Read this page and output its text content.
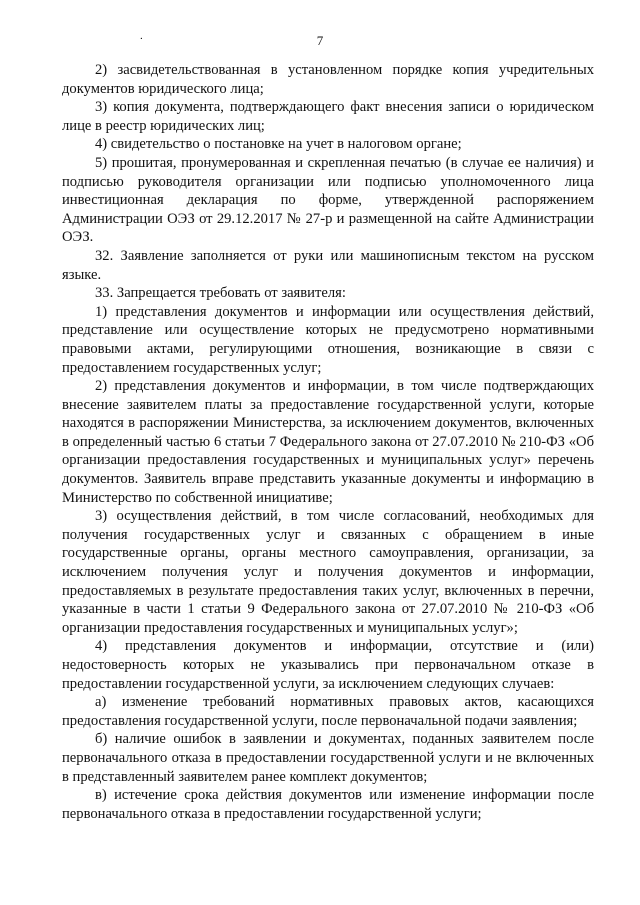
.	7

2) засвидетельствованная в установленном порядке копия учредительных документов юридического лица;

3) копия документа, подтверждающего факт внесения записи о юридическом лице в реестр юридических лиц;

4) свидетельство о постановке на учет в налоговом органе;

5) прошитая, пронумерованная и скрепленная печатью (в случае ее наличия) и подписью руководителя организации или подписью уполномоченного лица инвестиционная декларация по форме, утвержденной распоряжением Администрации ОЭЗ от 29.12.2017 № 27-р и размещенной на сайте Администрации ОЭЗ.

32. Заявление заполняется от руки или машинописным текстом на русском языке.

33. Запрещается требовать от заявителя:

1) представления документов и информации или осуществления действий, представление или осуществление которых не предусмотрено нормативными правовыми актами, регулирующими отношения, возникающие в связи с предоставлением государственных услуг;

2) представления документов и информации, в том числе подтверждающих внесение заявителем платы за предоставление государственной услуги, которые находятся в распоряжении Министерства, за исключением документов, включенных в определенный частью 6 статьи 7 Федерального закона от 27.07.2010 № 210-ФЗ «Об организации предоставления государственных и муниципальных услуг» перечень документов. Заявитель вправе представить указанные документы и информацию в Министерство по собственной инициативе;

3) осуществления действий, в том числе согласований, необходимых для получения государственных услуг и связанных с обращением в иные государственные органы, органы местного самоуправления, организации, за исключением получения услуг и получения документов и информации, предоставляемых в результате предоставления таких услуг, включенных в перечни, указанные в части 1 статьи 9 Федерального закона от 27.07.2010 № 210-ФЗ «Об организации предоставления государственных и муниципальных услуг»;

4) представления документов и информации, отсутствие и (или) недостоверность которых не указывались при первоначальном отказе в предоставлении государственной услуги, за исключением следующих случаев:

а) изменение требований нормативных правовых актов, касающихся предоставления государственной услуги, после первоначальной подачи заявления;

б) наличие ошибок в заявлении и документах, поданных заявителем после первоначального отказа в предоставлении государственной услуги и не включенных в представленный заявителем ранее комплект документов;

в) истечение срока действия документов или изменение информации после первоначального отказа в предоставлении государственной услуги;
